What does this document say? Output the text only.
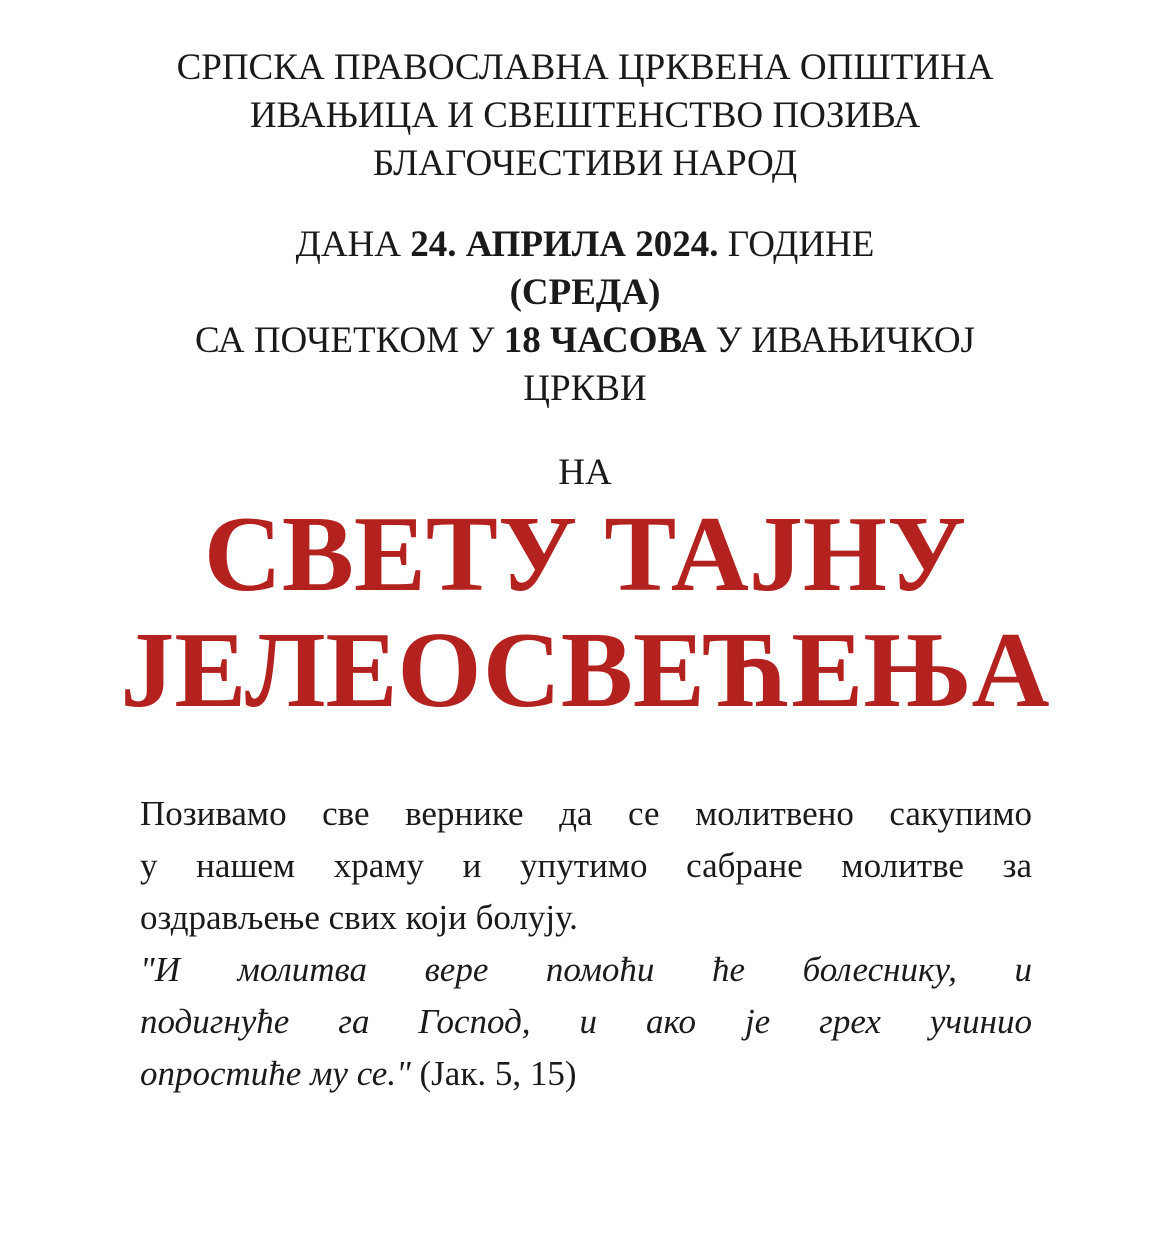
СРПСКА ПРАВОСЛАВНА ЦРКВЕНА ОПШТИНА
ИВАЊИЦА И СВЕШТЕНСТВО ПОЗИВА
БЛАГОЧЕСТИВИ НАРОД
ДАНА 24. АПРИЛА 2024. ГОДИНЕ
(СРЕДА)
СА ПОЧЕТКОМ У 18 ЧАСОВА У ИВАЊИЧКОЈ
ЦРКВИ
НА
СВЕТУ ТАЈНУ
ЈЕЛЕОСВЕЋЕЊА
Позивамо све вернике да се молитвено сакупимо
у нашем храму и упутимо сабране молитве за
оздрављење свих који болују.
"И молитва вере помоћи ће болеснику, и
подигнуће га Господ, и ако је грех учинио
опростиће му се." (Јак. 5, 15)
